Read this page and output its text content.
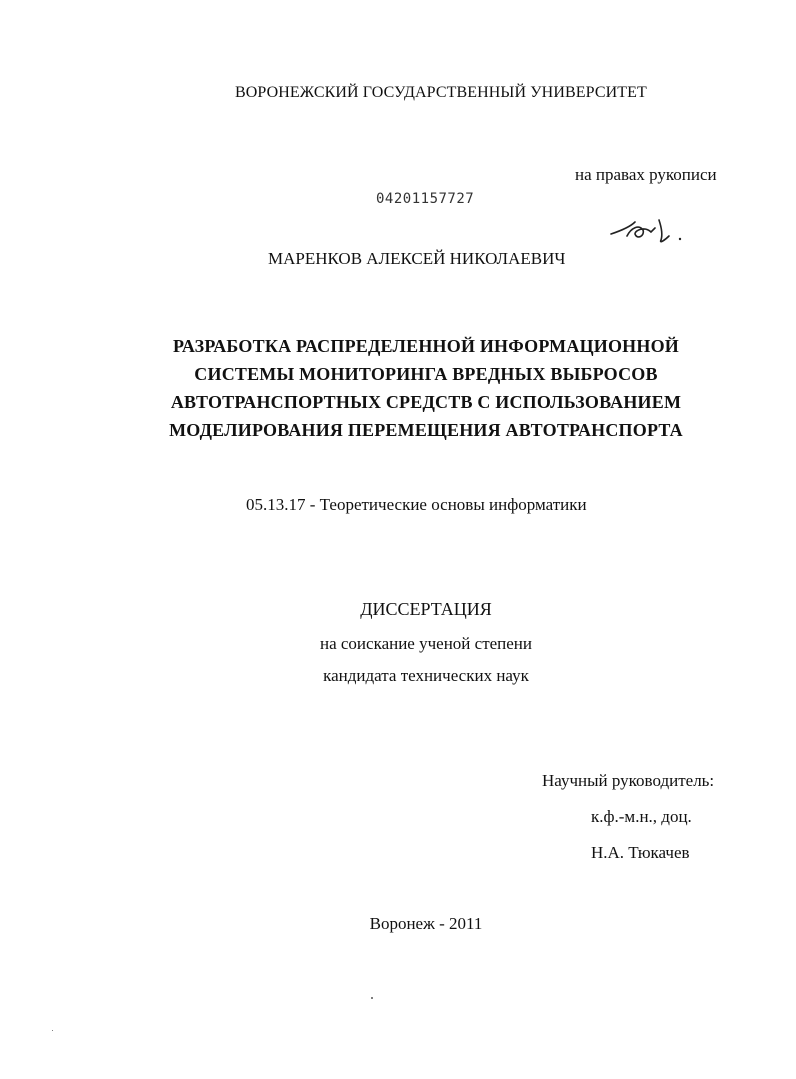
ВОРОНЕЖСКИЙ ГОСУДАРСТВЕННЫЙ УНИВЕРСИТЕТ
на правах рукописи
04201157727
МАРЕНКОВ АЛЕКСЕЙ НИКОЛАЕВИЧ
РАЗРАБОТКА РАСПРЕДЕЛЕННОЙ ИНФОРМАЦИОННОЙ
СИСТЕМЫ МОНИТОРИНГА ВРЕДНЫХ ВЫБРОСОВ
АВТОТРАНСПОРТНЫХ СРЕДСТВ С ИСПОЛЬЗОВАНИЕМ
МОДЕЛИРОВАНИЯ ПЕРЕМЕЩЕНИЯ АВТОТРАНСПОРТА
05.13.17 - Теоретические основы информатики
ДИССЕРТАЦИЯ
на соискание ученой степени
кандидата технических наук
Научный руководитель:
к.ф.-м.н., доц.
Н.А. Тюкачев
Воронеж - 2011
